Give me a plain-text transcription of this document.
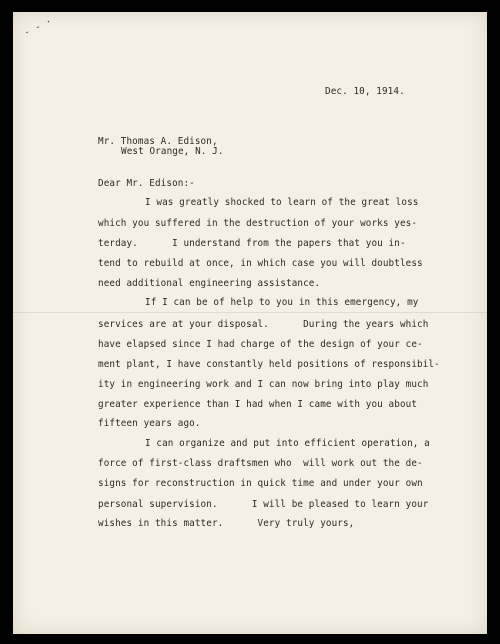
- - ·
Dec. 10, 1914.
Mr. Thomas A. Edison,
West Orange, N. J.
Dear Mr. Edison:-
I was greatly shocked to learn of the great loss
which you suffered in the destruction of your works yes-
terday.      I understand from the papers that you in-
tend to rebuild at once, in which case you will doubtless
need additional engineering assistance.
If I can be of help to you in this emergency, my
services are at your disposal.      During the years which
have elapsed since I had charge of the design of your ce-
ment plant, I have constantly held positions of responsibil-
ity in engineering work and I can now bring into play much
greater experience than I had when I came with you about
fifteen years ago.
I can organize and put into efficient operation, a
force of first-class draftsmen who  will work out the de-
signs for reconstruction in quick time and under your own
personal supervision.      I will be pleased to learn your
wishes in this matter.      Very truly yours,
